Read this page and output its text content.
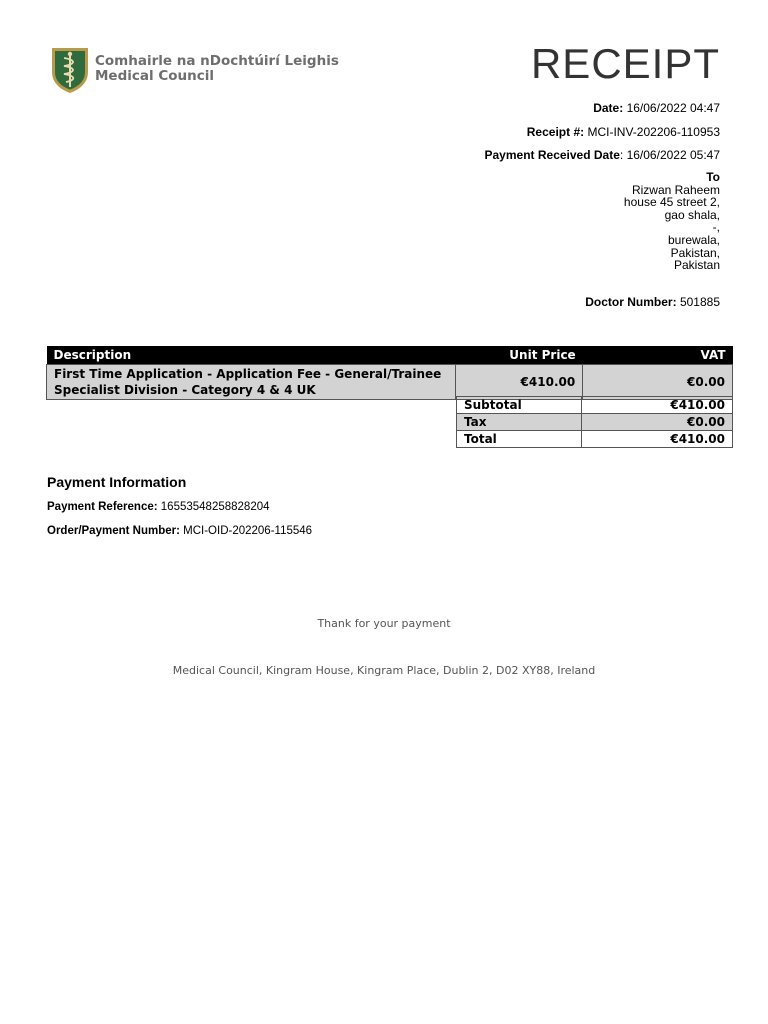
Comhairle na nDochtúirí Leighis
Medical Council	RECEIPT
Date: 16/06/2022 04:47
Receipt #: MCI-INV-202206-110953
Payment Received Date: 16/06/2022 05:47
To
Rizwan Raheem
house 45 street 2,
gao shala,
-,
burewala,
Pakistan,
Pakistan
Doctor Number: 501885
Description	Unit Price	VAT
First Time Application - Application Fee - General/Trainee Specialist Division - Category 4 & 4 UK	€410.00	€0.00
Subtotal	€410.00
Tax	€0.00
Total	€410.00
Payment Information
Payment Reference: 16553548258828204
Order/Payment Number: MCI-OID-202206-115546
Thank for your payment
Medical Council, Kingram House, Kingram Place, Dublin 2, D02 XY88, Ireland
